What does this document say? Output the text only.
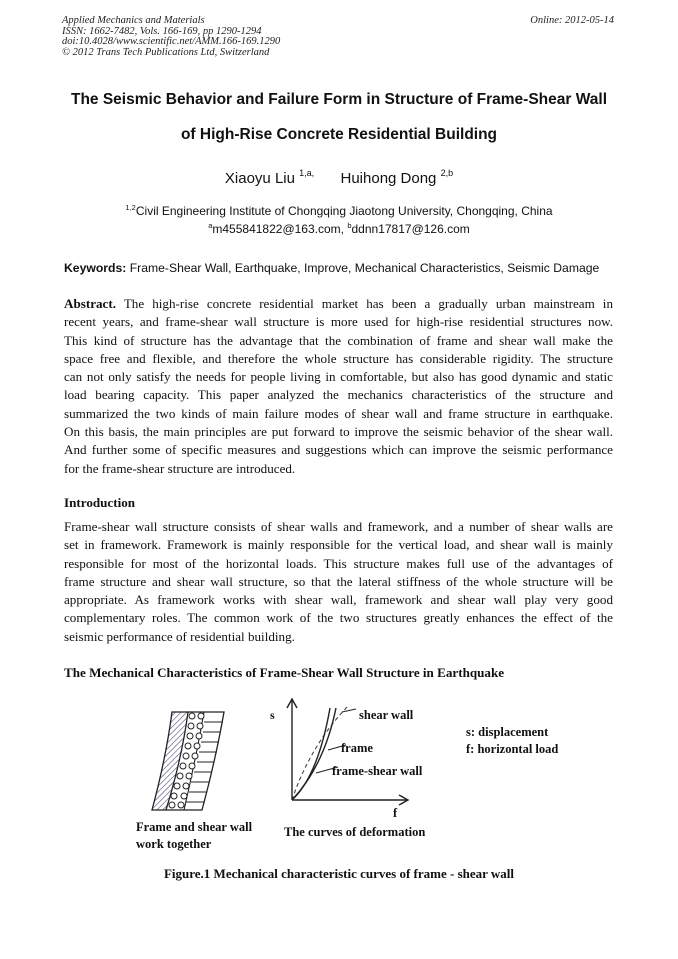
Applied Mechanics and Materials
ISSN: 1662-7482, Vols. 166-169, pp 1290-1294
doi:10.4028/www.scientific.net/AMM.166-169.1290
© 2012 Trans Tech Publications Ltd, Switzerland
Online: 2012-05-14
The Seismic Behavior and Failure Form in Structure of Frame-Shear Wall
of High-Rise Concrete Residential Building
Xiaoyu Liu $^{1,a,}$ Huihong Dong $^{2,b}$
$^{1,2}$Civil Engineering Institute of Chongqing Jiaotong University, Chongqing, China
$^a$m455841822@163.com, $^b$ddnn17817@126.com
Keywords: Frame-Shear Wall, Earthquake, Improve, Mechanical Characteristics, Seismic Damage
Abstract. The high-rise concrete residential market has been a gradually urban mainstream in
recent years, and frame-shear wall structure is more used for high-rise residential structures now.
This kind of structure has the advantage that the combination of frame and shear wall make the
space free and flexible, and therefore the whole structure has considerable rigidity. The structure
can not only satisfy the needs for people living in comfortable, but also has good dynamic and static
load bearing capacity. This paper analyzed the mechanics characteristics of the structure and
summarized the two kinds of main failure modes of shear wall and frame structure in earthquake.
On this basis, the main principles are put forward to improve the seismic behavior of the shear wall.
And further some of specific measures and suggestions which can improve the seismic performance
for the frame-shear structure are introduced.
Introduction
Frame-shear wall structure consists of shear walls and framework, and a number of shear walls are
set in framework. Framework is mainly responsible for the vertical load, and shear wall is mainly
responsible for most of the horizontal loads. This structure makes full use of the advantages of
frame structure and shear wall structure, so that the lateral stiffness of the whole structure will be
appropriate. As framework works with shear wall, framework and shear wall play very good
complementary roles. The common work of the two structures greatly enhances the effect of the
seismic performance of residential building.
The Mechanical Characteristics of Frame-Shear Wall Structure in Earthquake
Frame and shear wall
work together
s
f
shear wall
frame
frame-shear wall
s: displacement
f: horizontal load
The curves of deformation
Figure.1 Mechanical characteristic curves of frame - shear wall
